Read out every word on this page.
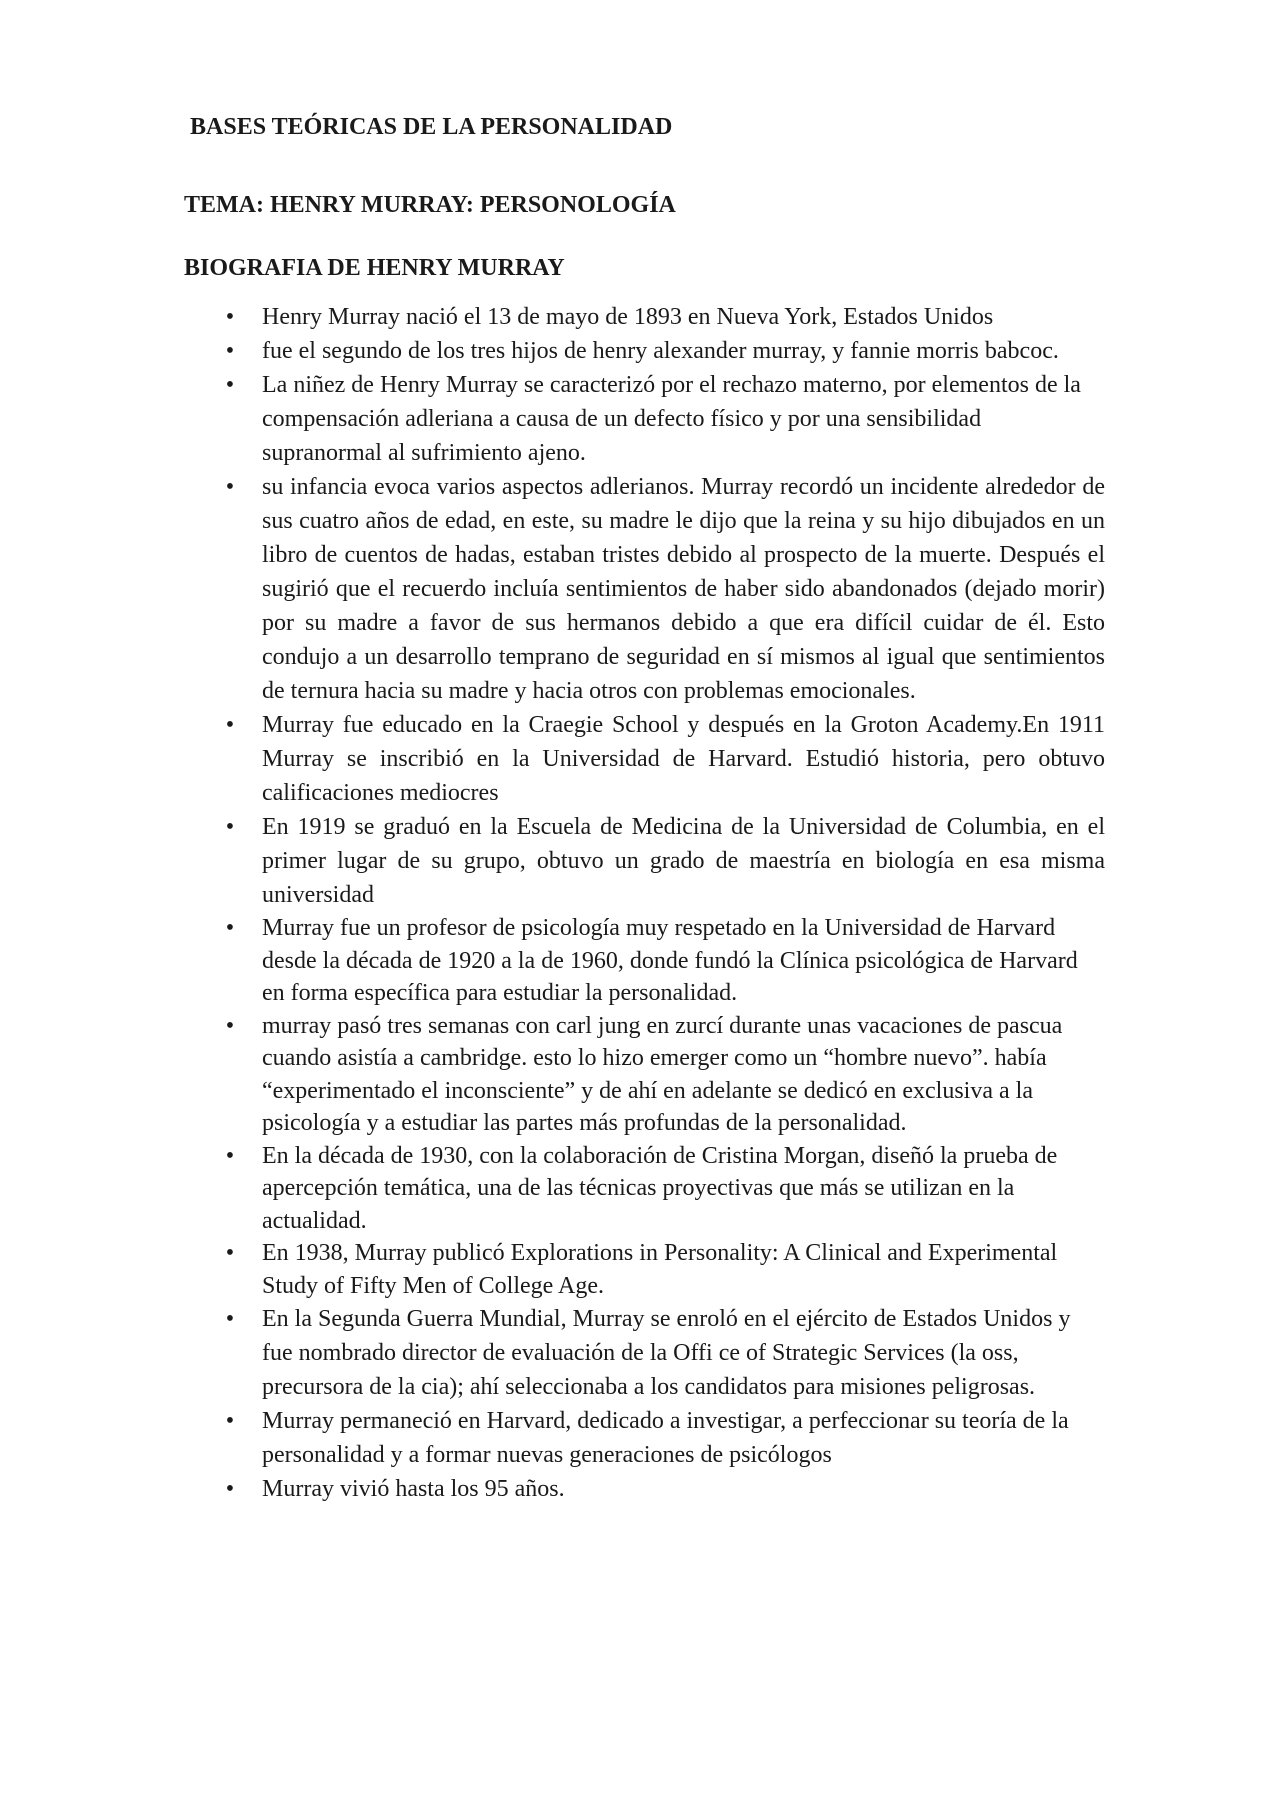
BASES TEÓRICAS DE LA PERSONALIDAD
TEMA: HENRY MURRAY: PERSONOLOGÍA
BIOGRAFIA DE HENRY MURRAY
• Henry Murray nació el 13 de mayo de 1893 en Nueva York, Estados Unidos
• fue el segundo de los tres hijos de henry alexander murray, y fannie morris babcoc.
• La niñez de Henry Murray se caracterizó por el rechazo materno, por elementos de la compensación adleriana a causa de un defecto físico y por una sensibilidad supranormal al sufrimiento ajeno.
• su infancia evoca varios aspectos adlerianos. Murray recordó un incidente alrededor de sus cuatro años de edad, en este, su madre le dijo que la reina y su hijo dibujados en un libro de cuentos de hadas, estaban tristes debido al prospecto de la muerte. Después el sugirió que el recuerdo incluía sentimientos de haber sido abandonados (dejado morir) por su madre a favor de sus hermanos debido a que era difícil cuidar de él. Esto condujo a un desarrollo temprano de seguridad en sí mismos al igual que sentimientos de ternura hacia su madre y hacia otros con problemas emocionales.
• Murray fue educado en la Craegie School y después en la Groton Academy.En 1911 Murray se inscribió en la Universidad de Harvard. Estudió historia, pero obtuvo calificaciones mediocres
• En 1919 se graduó en la Escuela de Medicina de la Universidad de Columbia, en el primer lugar de su grupo, obtuvo un grado de maestría en biología en esa misma universidad
• Murray fue un profesor de psicología muy respetado en la Universidad de Harvard desde la década de 1920 a la de 1960, donde fundó la Clínica psicológica de Harvard en forma específica para estudiar la personalidad.
• murray pasó tres semanas con carl jung en zurcí durante unas vacaciones de pascua cuando asistía a cambridge. esto lo hizo emerger como un “hombre nuevo”. había “experimentado el inconsciente” y de ahí en adelante se dedicó en exclusiva a la psicología y a estudiar las partes más profundas de la personalidad.
• En la década de 1930, con la colaboración de Cristina Morgan, diseñó la prueba de apercepción temática, una de las técnicas proyectivas que más se utilizan en la actualidad.
• En 1938, Murray publicó Explorations in Personality: A Clinical and Experimental Study of Fifty Men of College Age.
• En la Segunda Guerra Mundial, Murray se enroló en el ejército de Estados Unidos y fue nombrado director de evaluación de la Offi ce of Strategic Services (la oss, precursora de la cia); ahí seleccionaba a los candidatos para misiones peligrosas.
• Murray permaneció en Harvard, dedicado a investigar, a perfeccionar su teoría de la personalidad y a formar nuevas generaciones de psicólogos
• Murray vivió hasta los 95 años.
